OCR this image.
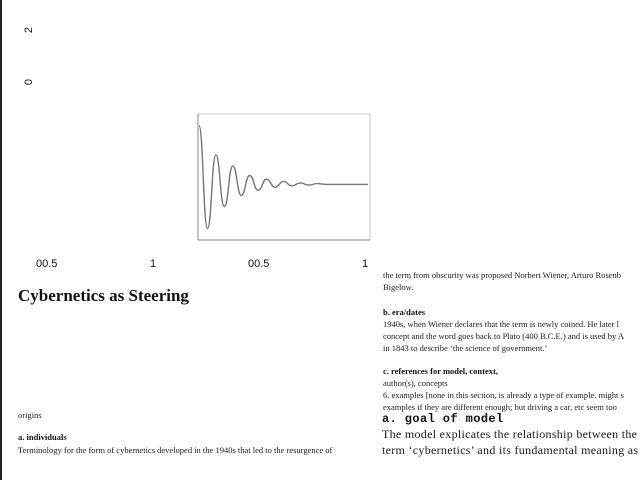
2
0
00.5	1	00.5	1
Cybernetics as Steering
origins
a. individuals
Terminology for the form of cybernetics developed in the 1940s that led to the resurgence of
the term from obscurity was proposed Norbert Wiener, Arturo Rosenb
Bigelow.
b. era/dates
1940s, when Wiener declares that the term is newly coined. He later l
concept and the word goes back to Plato (400 B.C.E.) and is used by A
in 1843 to describe ‘the science of government.’
c. references for model, context,
author(s), concepts
6. examples [none in this section, is already a type of example. might s
examples if they are different enough; but driving a car, etc seem too
a. goal of model
The model explicates the relationship between the
term ‘cybernetics’ and its fundamental meaning as
